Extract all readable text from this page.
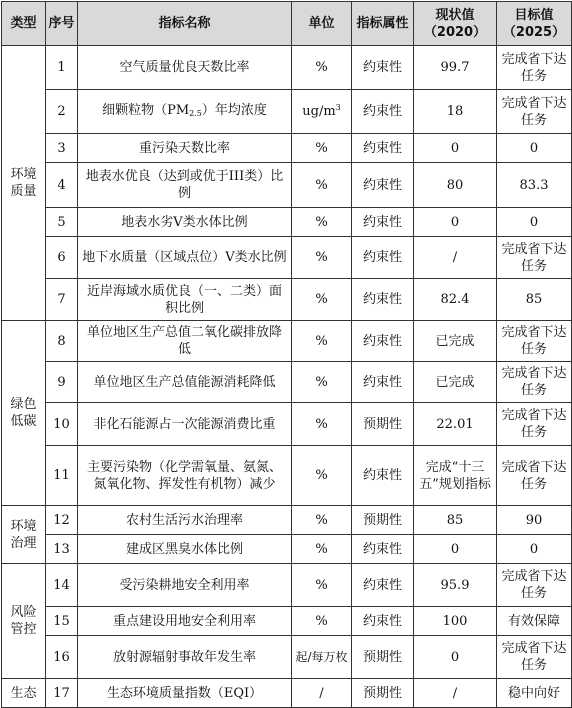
类型	序号	指标名称	单位	指标属性	现状值（2020）	目标值（2025）
环境质量	1	空气质量优良天数比率	%	约束性	99.7	完成省下达任务
	2	细颗粒物$(PM_{2.5})$年均浓度	$ug/m^3$	约束性	18	完成省下达任务
	3	重污染天数比率	%	约束性	0	0
	4	地表水优良（达到或优于III类）比例	%	约束性	80	83.3
	5	地表水劣V类水体比例	%	约束性	0	0
	6	地下水质量（区域点位）V类水比例	%	约束性	/	完成省下达任务
	7	近岸海域水质优良（一、二类）面积比例	%	约束性	82.4	85
绿色低碳	8	单位地区生产总值二氧化碳排放降低	%	约束性	已完成	完成省下达任务
	9	单位地区生产总值能源消耗降低	%	约束性	已完成	完成省下达任务
	10	非化石能源占一次能源消费比重	%	预期性	22.01	完成省下达任务
	11	主要污染物（化学需氧量、氨氮、氮氧化物、挥发性有机物）减少	%	约束性	完成“十三五”规划指标	完成省下达任务
环境治理	12	农村生活污水治理率	%	预期性	85	90
	13	建成区黑臭水体比例	%	约束性	0	0
风险管控	14	受污染耕地安全利用率	%	约束性	95.9	完成省下达任务
	15	重点建设用地安全利用率	%	约束性	100	有效保障
	16	放射源辐射事故年发生率	起/每万枚	预期性	0	完成省下达任务
生态	17	生态环境质量指数（EQI）	/	预期性	/	稳中向好
